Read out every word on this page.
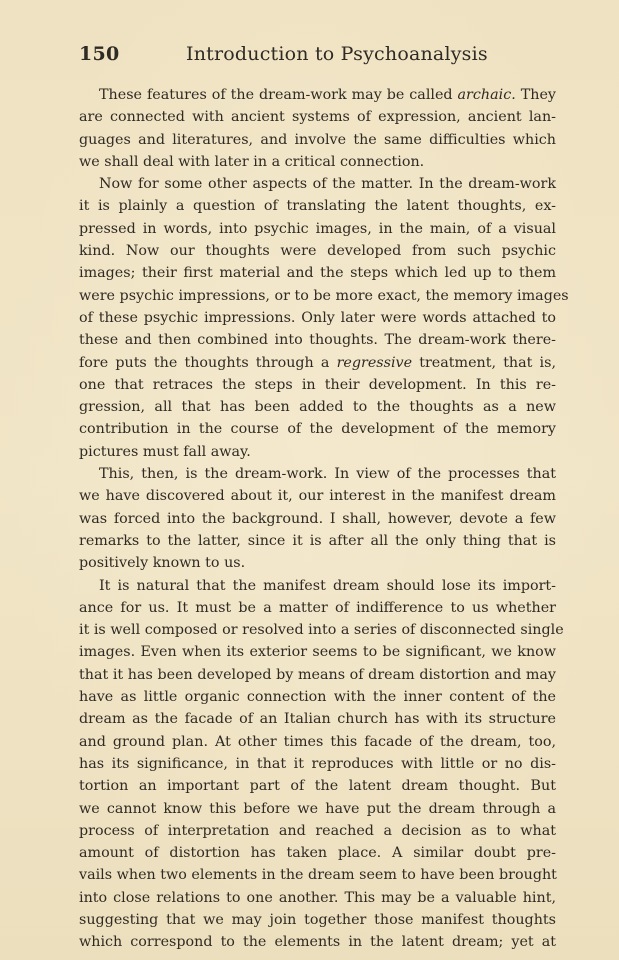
150	Introduction to Psychoanalysis
These features of the dream-work may be called archaic. They
are connected with ancient systems of expression, ancient lan-
guages and literatures, and involve the same difficulties which
we shall deal with later in a critical connection.
Now for some other aspects of the matter. In the dream-work
it is plainly a question of translating the latent thoughts, ex-
pressed in words, into psychic images, in the main, of a visual
kind. Now our thoughts were developed from such psychic
images; their first material and the steps which led up to them
were psychic impressions, or to be more exact, the memory images
of these psychic impressions. Only later were words attached to
these and then combined into thoughts. The dream-work there-
fore puts the thoughts through a regressive treatment, that is,
one that retraces the steps in their development. In this re-
gression, all that has been added to the thoughts as a new
contribution in the course of the development of the memory
pictures must fall away.
This, then, is the dream-work. In view of the processes that
we have discovered about it, our interest in the manifest dream
was forced into the background. I shall, however, devote a few
remarks to the latter, since it is after all the only thing that is
positively known to us.
It is natural that the manifest dream should lose its import-
ance for us. It must be a matter of indifference to us whether
it is well composed or resolved into a series of disconnected single
images. Even when its exterior seems to be significant, we know
that it has been developed by means of dream distortion and may
have as little organic connection with the inner content of the
dream as the facade of an Italian church has with its structure
and ground plan. At other times this facade of the dream, too,
has its significance, in that it reproduces with little or no dis-
tortion an important part of the latent dream thought. But
we cannot know this before we have put the dream through a
process of interpretation and reached a decision as to what
amount of distortion has taken place. A similar doubt pre-
vails when two elements in the dream seem to have been brought
into close relations to one another. This may be a valuable hint,
suggesting that we may join together those manifest thoughts
which correspond to the elements in the latent dream; yet at
